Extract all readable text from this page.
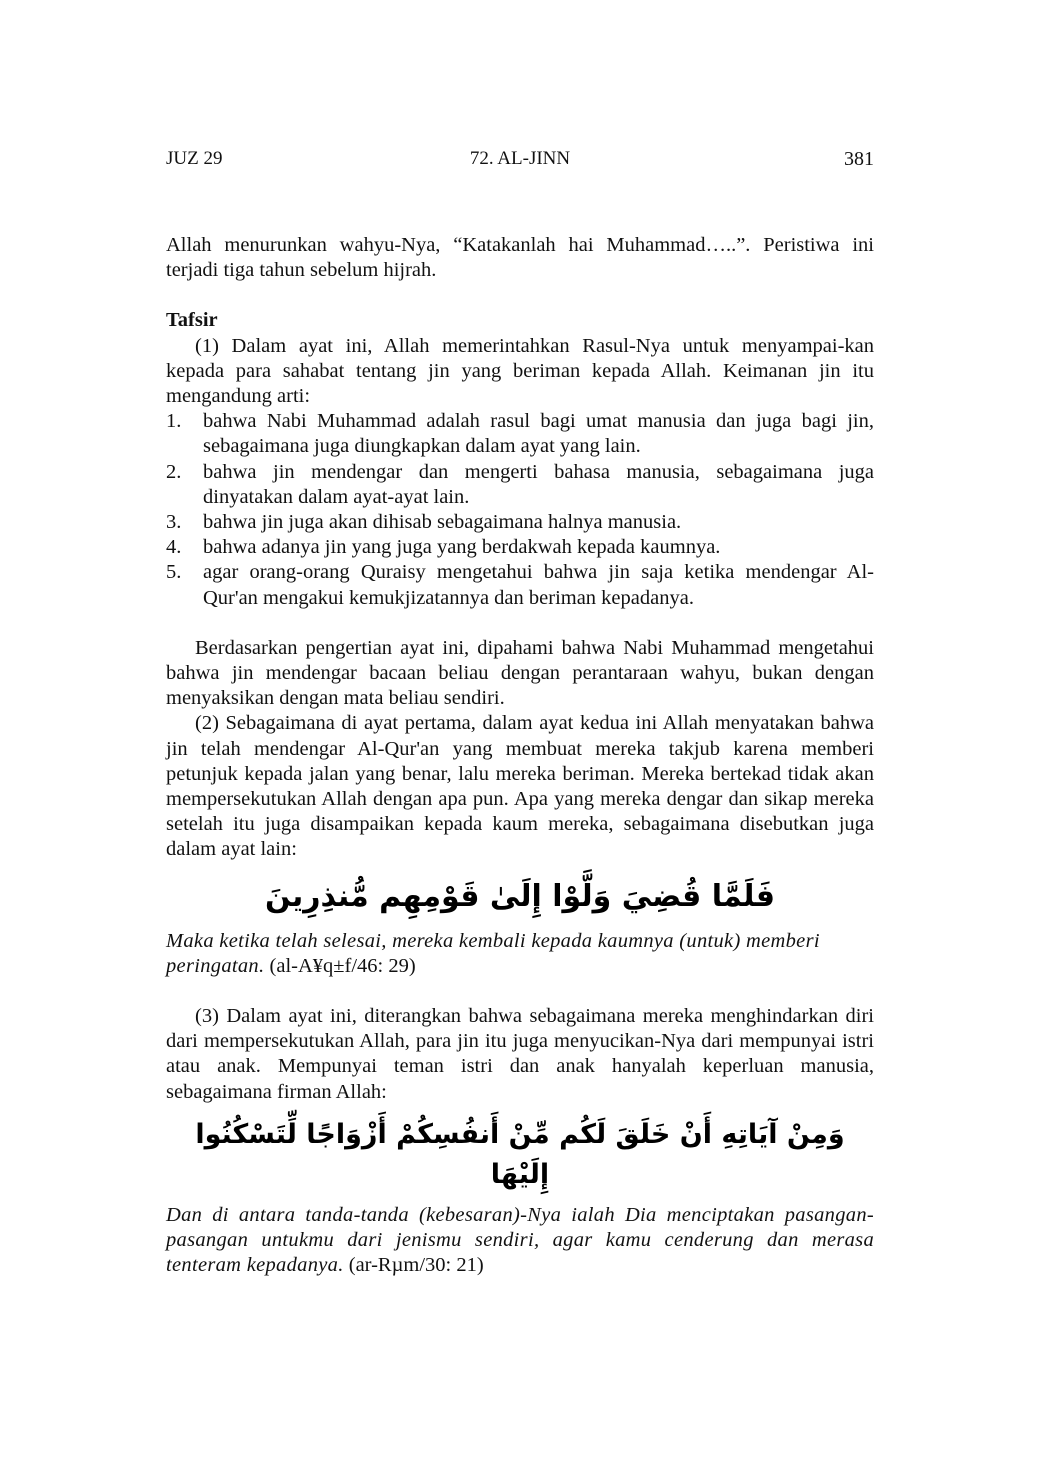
JUZ 29	72. AL-JINN	381

Allah menurunkan wahyu-Nya, “Katakanlah hai Muhammad…..”. Peristiwa ini terjadi tiga tahun sebelum hijrah.

Tafsir

(1) Dalam ayat ini, Allah memerintahkan Rasul-Nya untuk menyampai-kan kepada para sahabat tentang jin yang beriman kepada Allah. Keimanan jin itu mengandung arti:

1. bahwa Nabi Muhammad adalah rasul bagi umat manusia dan juga bagi jin, sebagaimana juga diungkapkan dalam ayat yang lain.
2. bahwa jin mendengar dan mengerti bahasa manusia, sebagaimana juga dinyatakan dalam ayat-ayat lain.
3. bahwa jin juga akan dihisab sebagaimana halnya manusia.
4. bahwa adanya jin yang juga yang berdakwah kepada kaumnya.
5. agar orang-orang Quraisy mengetahui bahwa jin saja ketika mendengar Al-Qur'an mengakui kemukjizatannya dan beriman kepadanya.

Berdasarkan pengertian ayat ini, dipahami bahwa Nabi Muhammad mengetahui bahwa jin mendengar bacaan beliau dengan perantaraan wahyu, bukan dengan menyaksikan dengan mata beliau sendiri.

(2) Sebagaimana di ayat pertama, dalam ayat kedua ini Allah menyatakan bahwa jin telah mendengar Al-Qur'an yang membuat mereka takjub karena memberi petunjuk kepada jalan yang benar, lalu mereka beriman. Mereka bertekad tidak akan mempersekutukan Allah dengan apa pun. Apa yang mereka dengar dan sikap mereka setelah itu juga disampaikan kepada kaum mereka, sebagaimana disebutkan juga dalam ayat lain:

فَلَمَّا قُضِيَ وَلَّوْا إِلَىٰ قَوْمِهِم مُّنذِرِينَ

Maka ketika telah selesai, mereka kembali kepada kaumnya (untuk) memberi peringatan. (al-A¥q±f/46: 29)

(3) Dalam ayat ini, diterangkan bahwa sebagaimana mereka menghindarkan diri dari mempersekutukan Allah, para jin itu juga menyucikan-Nya dari mempunyai istri atau anak. Mempunyai teman istri dan anak hanyalah keperluan manusia, sebagaimana firman Allah:

وَمِنْ آيَاتِهِ أَنْ خَلَقَ لَكُم مِّنْ أَنفُسِكُمْ أَزْوَاجًا لِّتَسْكُنُوا إِلَيْهَا

Dan di antara tanda-tanda (kebesaran)-Nya ialah Dia menciptakan pasangan-pasangan untukmu dari jenismu sendiri, agar kamu cenderung dan merasa tenteram kepadanya. (ar-Rµm/30: 21)
